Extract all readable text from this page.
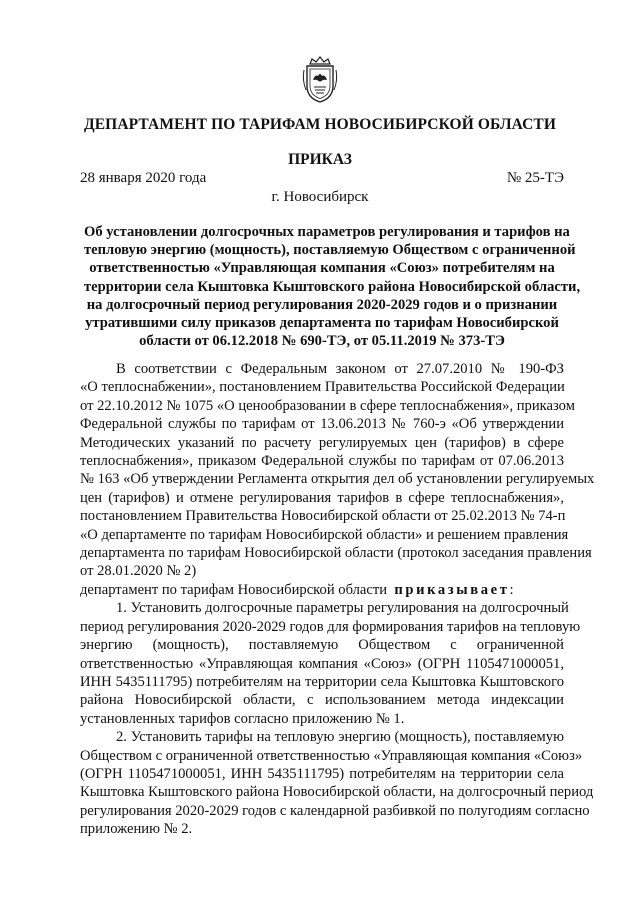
ДЕПАРТАМЕНТ ПО ТАРИФАМ НОВОСИБИРСКОЙ ОБЛАСТИ
ПРИКАЗ
28 января 2020 года	№ 25-ТЭ
г. Новосибирск
Об установлении долгосрочных параметров регулирования и тарифов на
тепловую энергию (мощность), поставляемую Обществом с ограниченной
ответственностью «Управляющая компания «Союз» потребителям на
территории села Кыштовка Кыштовского района Новосибирской области,
на долгосрочный период регулирования 2020-2029 годов и о признании
утратившими силу приказов департамента по тарифам Новосибирской
области от 06.12.2018 № 690-ТЭ, от 05.11.2019 № 373-ТЭ
В соответствии с Федеральным законом от 27.07.2010 № 190-ФЗ
«О теплоснабжении», постановлением Правительства Российской Федерации
от 22.10.2012 № 1075 «О ценообразовании в сфере теплоснабжения», приказом
Федеральной службы по тарифам от 13.06.2013 № 760-э «Об утверждении
Методических указаний по расчету регулируемых цен (тарифов) в сфере
теплоснабжения», приказом Федеральной службы по тарифам от 07.06.2013
№ 163 «Об утверждении Регламента открытия дел об установлении регулируемых
цен (тарифов) и отмене регулирования тарифов в сфере теплоснабжения»,
постановлением Правительства Новосибирской области от 25.02.2013 № 74-п
«О департаменте по тарифам Новосибирской области» и решением правления
департамента по тарифам Новосибирской области (протокол заседания правления
от 28.01.2020 № 2)
департамент по тарифам Новосибирской области приказывает:
1. Установить долгосрочные параметры регулирования на долгосрочный
период регулирования 2020-2029 годов для формирования тарифов на тепловую
энергию (мощность), поставляемую Обществом с ограниченной
ответственностью «Управляющая компания «Союз» (ОГРН 1105471000051,
ИНН 5435111795) потребителям на территории села Кыштовка Кыштовского
района Новосибирской области, с использованием метода индексации
установленных тарифов согласно приложению № 1.
2. Установить тарифы на тепловую энергию (мощность), поставляемую
Обществом с ограниченной ответственностью «Управляющая компания «Союз»
(ОГРН 1105471000051, ИНН 5435111795) потребителям на территории села
Кыштовка Кыштовского района Новосибирской области, на долгосрочный период
регулирования 2020-2029 годов с календарной разбивкой по полугодиям согласно
приложению № 2.
